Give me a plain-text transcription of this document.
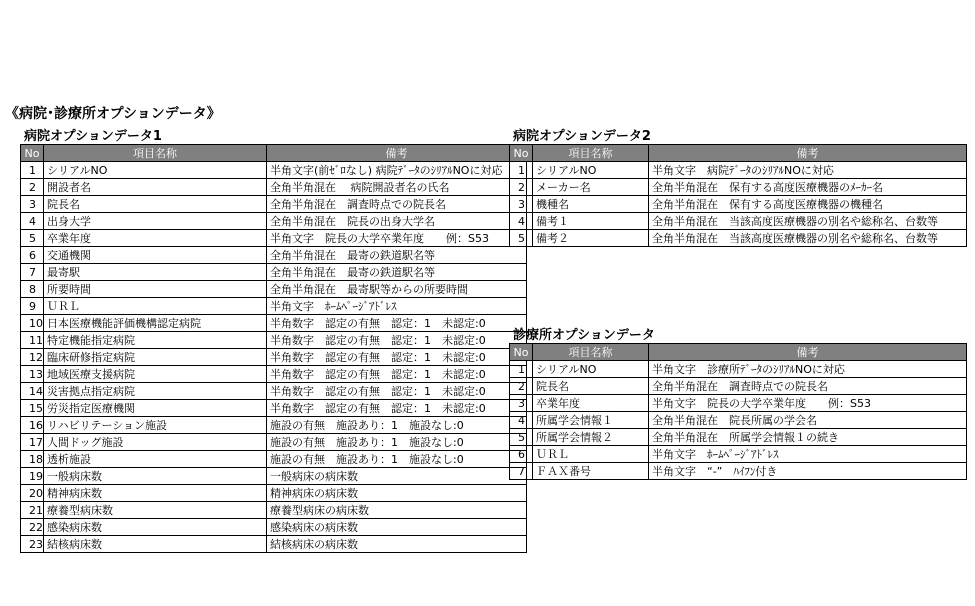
《病院･診療所オプションデータ》
病院オプションデータ1
No	項目名称	備考
1	シリアルNO	半角文字(前ｾﾞﾛなし) 病院ﾃﾞｰﾀのｼﾘｱﾙNOに対応
2	開設者名	全角半角混在　 病院開設者名の氏名
3	院長名	全角半角混在　調査時点での院長名
4	出身大学	全角半角混在　院長の出身大学名
5	卒業年度	半角文字　院長の大学卒業年度　　例：S53
6	交通機関	全角半角混在　最寄の鉄道駅名等
7	最寄駅	全角半角混在　最寄の鉄道駅名等
8	所要時間	全角半角混在　最寄駅等からの所要時間
9	ＵＲＬ	半角文字　ﾎｰﾑﾍﾟｰｼﾞｱﾄﾞﾚｽ
10	日本医療機能評価機構認定病院	半角数字　認定の有無　認定：1　未認定:0
11	特定機能指定病院	半角数字　認定の有無　認定：1　未認定:0
12	臨床研修指定病院	半角数字　認定の有無　認定：1　未認定:0
13	地域医療支援病院	半角数字　認定の有無　認定：1　未認定:0
14	災害拠点指定病院	半角数字　認定の有無　認定：1　未認定:0
15	労災指定医療機関	半角数字　認定の有無　認定：1　未認定:0
16	リハビリテーション施設	施設の有無　施設あり：1　施設なし:0
17	人間ドッグ施設	施設の有無　施設あり：1　施設なし:0
18	透析施設	施設の有無　施設あり：1　施設なし:0
19	一般病床数	一般病床の病床数
20	精神病床数	精神病床の病床数
21	療養型病床数	療養型病床の病床数
22	感染病床数	感染病床の病床数
23	結核病床数	結核病床の病床数
病院オプションデータ2
No	項目名称	備考
1	シリアルNO	半角文字　病院ﾃﾞｰﾀのｼﾘｱﾙNOに対応
2	メーカー名	全角半角混在　保有する高度医療機器のﾒｰｶｰ名
3	機種名	全角半角混在　保有する高度医療機器の機種名
4	備考１	全角半角混在　当該高度医療機器の別名や総称名、台数等
5	備考２	全角半角混在　当該高度医療機器の別名や総称名、台数等
診療所オプションデータ
No	項目名称	備考
1	シリアルNO	半角文字　診療所ﾃﾞｰﾀのｼﾘｱﾙNOに対応
2	院長名	全角半角混在　調査時点での院長名
3	卒業年度	半角文字　院長の大学卒業年度　　例：S53
4	所属学会情報１	全角半角混在　院長所属の学会名
5	所属学会情報２	全角半角混在　所属学会情報１の続き
6	ＵＲＬ	半角文字　ﾎｰﾑﾍﾟｰｼﾞｱﾄﾞﾚｽ
7	ＦＡＸ番号	半角文字　“-”　ﾊｲﾌﾝ付き
